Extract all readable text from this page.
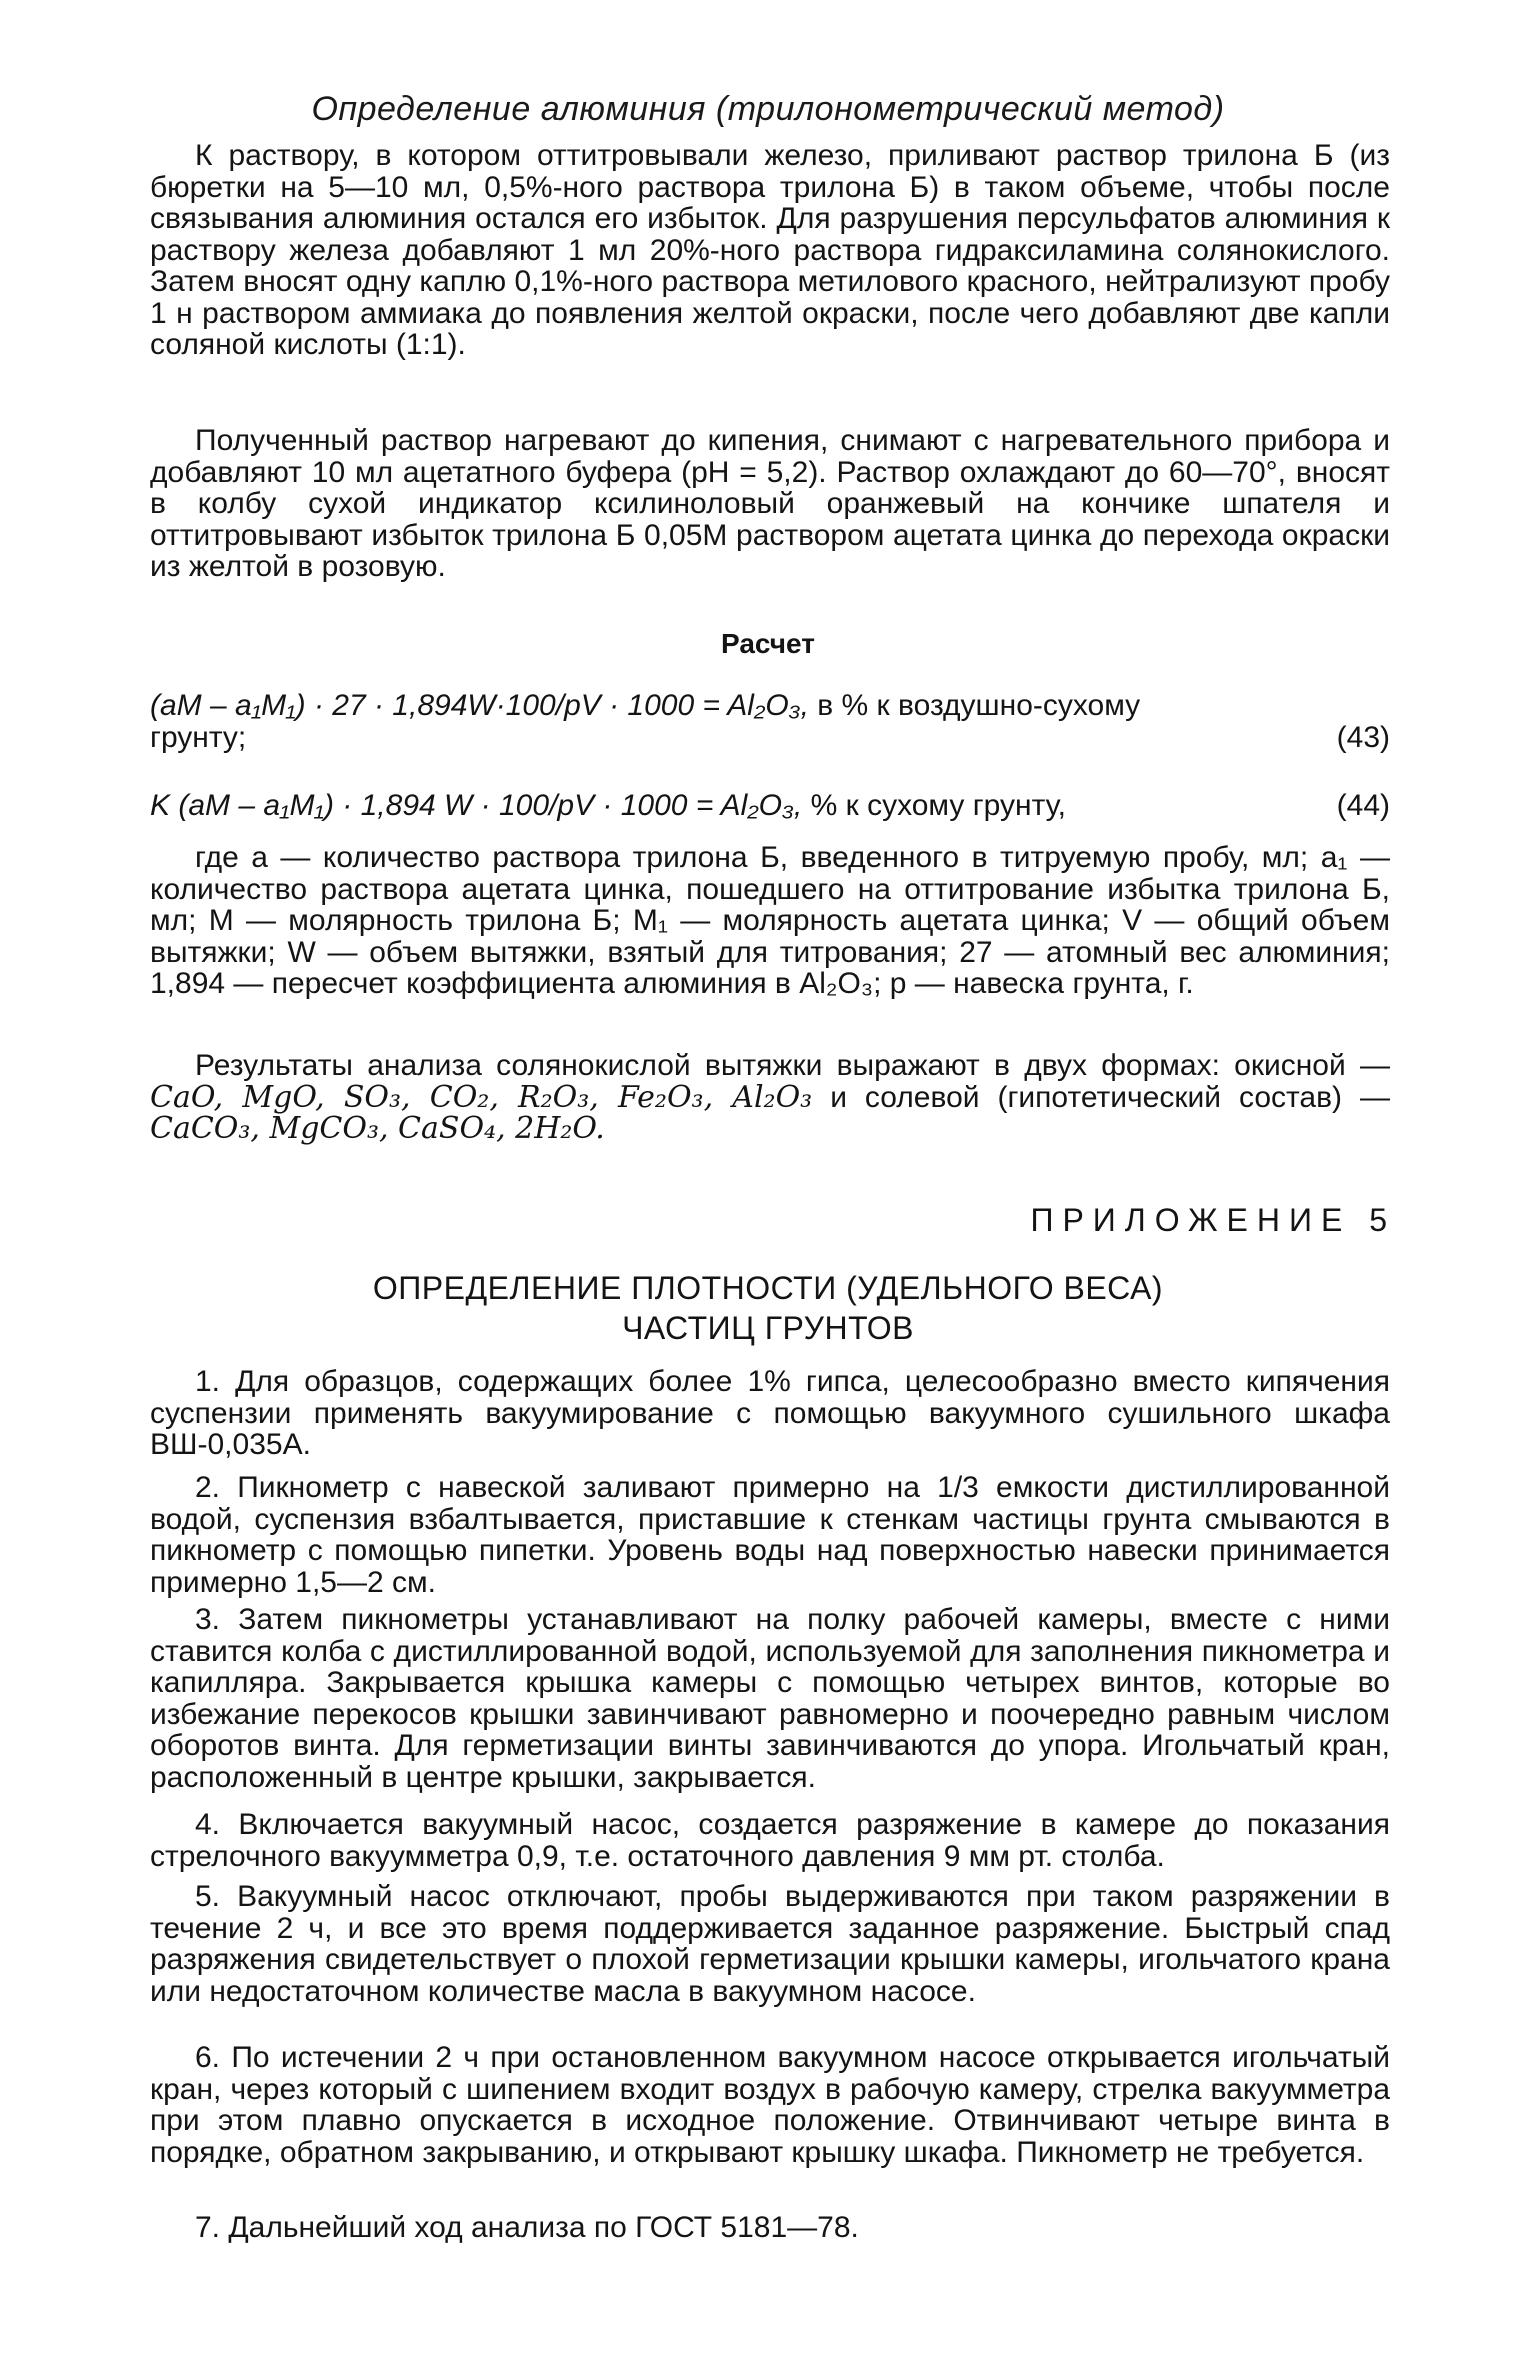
Определение алюминия (трилонометрический метод)

К раствору, в котором оттитровывали железо, приливают раствор трилона Б (из бюретки на 5—10 мл, 0,5%-ного раствора трилона Б) в таком объеме, чтобы после связывания алюминия остался его избыток. Для разрушения персульфатов алюминия к раствору железа добавляют 1 мл 20%-ного раствора гидраксиламина солянокислого. Затем вносят одну каплю 0,1%-ного раствора метилового красного, нейтрализуют пробу 1 н раствором аммиака до появления желтой окраски, после чего добавляют две капли соляной кислоты (1:1).

Полученный раствор нагревают до кипения, снимают с нагревательного прибора и добавляют 10 мл ацетатного буфера (рН = 5,2). Раствор охлаждают до 60—70°, вносят в колбу сухой индикатор ксилиноловый оранжевый на кончике шпателя и оттитровывают избыток трилона Б 0,05М раствором ацетата цинка до перехода окраски из желтой в розовую.

Расчет
(aM – a₁M₁) · 27 · 1,894W·100/pV · 1000 = Al₂O₃, в % к воздушно-сухому
грунту;	(43)
K (aM – a₁M₁) · 1,894 W · 100/pV · 1000 = Al₂O₃, % к сухому грунту,	(44)

где а — количество раствора трилона Б, введенного в титруемую пробу, мл; а₁ — количество раствора ацетата цинка, пошедшего на оттитрование избытка трилона Б, мл; М — молярность трилона Б; М₁ — молярность ацетата цинка; V — общий объем вытяжки; W — объем вытяжки, взятый для титрования; 27 — атомный вес алюминия; 1,894 — пересчет коэффициента алюминия в Al₂O₃; р — навеска грунта, г.

Результаты анализа солянокислой вытяжки выражают в двух формах: окисной — CaO, MgO, SO₃, CO₂, R₂O₃, Fe₂O₃, Al₂O₃ и солевой (гипотетический состав) — CaCO₃, MgCO₃, CaSO₄, 2H₂O.

ПРИЛОЖЕНИЕ 5
ОПРЕДЕЛЕНИЕ ПЛОТНОСТИ (УДЕЛЬНОГО ВЕСА)
ЧАСТИЦ ГРУНТОВ

1. Для образцов, содержащих более 1% гипса, целесообразно вместо кипячения суспензии применять вакуумирование с помощью вакуумного сушильного шкафа ВШ-0,035А.

2. Пикнометр с навеской заливают примерно на 1/3 емкости дистиллированной водой, суспензия взбалтывается, приставшие к стенкам частицы грунта смываются в пикнометр с помощью пипетки. Уровень воды над поверхностью навески принимается примерно 1,5—2 см.

3. Затем пикнометры устанавливают на полку рабочей камеры, вместе с ними ставится колба с дистиллированной водой, используемой для заполнения пикнометра и капилляра. Закрывается крышка камеры с помощью четырех винтов, которые во избежание перекосов крышки завинчивают равномерно и поочередно равным числом оборотов винта. Для герметизации винты завинчиваются до упора. Игольчатый кран, расположенный в центре крышки, закрывается.

4. Включается вакуумный насос, создается разряжение в камере до показания стрелочного вакуумметра 0,9, т.е. остаточного давления 9 мм рт. столба.

5. Вакуумный насос отключают, пробы выдерживаются при таком разряжении в течение 2 ч, и все это время поддерживается заданное разряжение. Быстрый спад разряжения свидетельствует о плохой герметизации крышки камеры, игольчатого крана или недостаточном количестве масла в вакуумном насосе.

6. По истечении 2 ч при остановленном вакуумном насосе открывается игольчатый кран, через который с шипением входит воздух в рабочую камеру, стрелка вакуумметра при этом плавно опускается в исходное положение. Отвинчивают четыре винта в порядке, обратном закрыванию, и открывают крышку шкафа. Пикнометр не требуется.

7. Дальнейший ход анализа по ГОСТ 5181—78.
